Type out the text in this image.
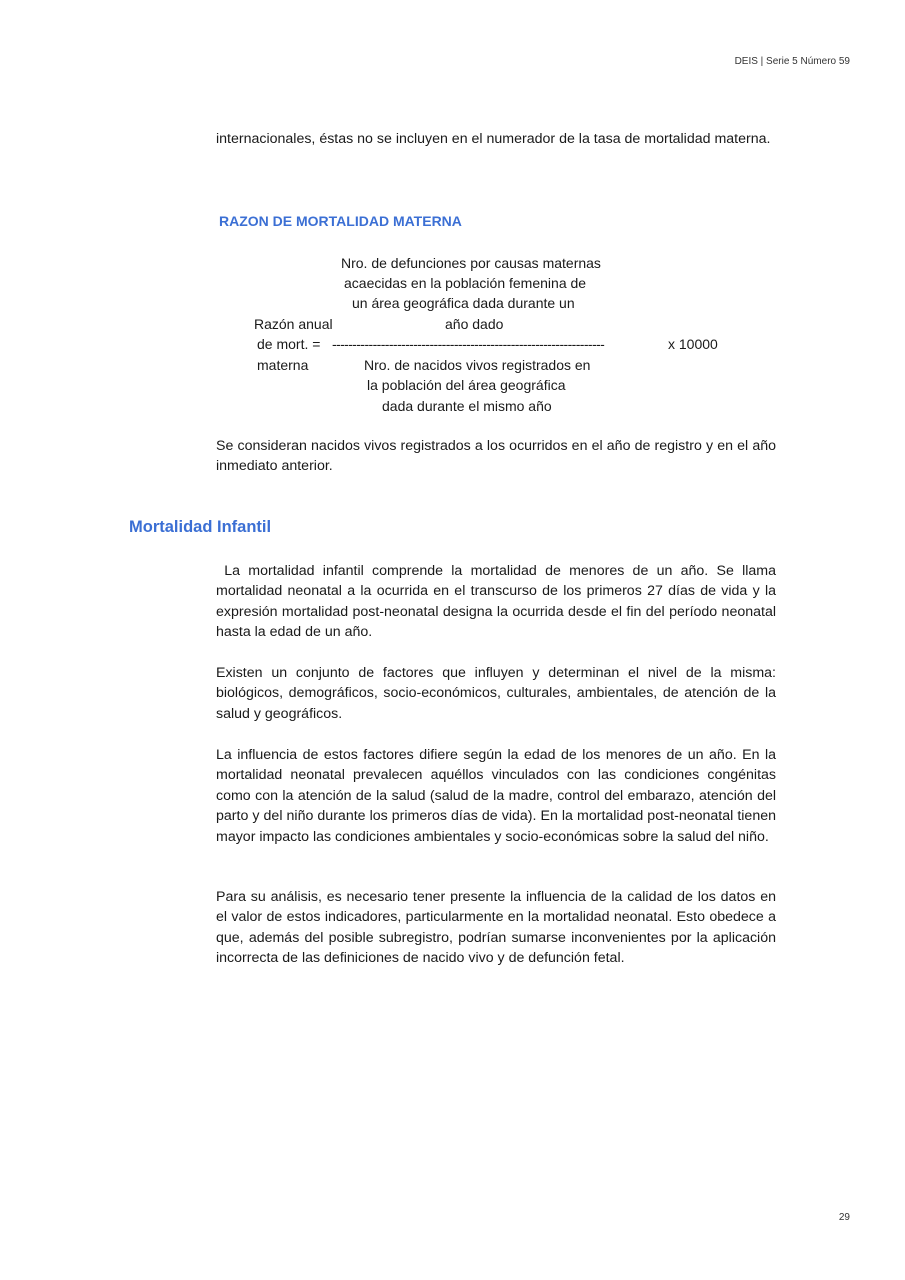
DEIS | Serie 5 Número 59

internacionales, éstas no se incluyen en el numerador de la tasa de mortalidad materna.

RAZON DE MORTALIDAD MATERNA
Nro. de defunciones por causas maternas
acaecidas en la población femenina de
un área geográfica dada durante un
Razón anual	año dado
de mort. = -------------------------------------------------------------------	x 10000
materna	Nro. de nacidos vivos registrados en
la población del área geográfica
dada durante el mismo año

Se consideran nacidos vivos registrados a los ocurridos en el año de registro y en el año inmediato anterior.

Mortalidad Infantil

La mortalidad infantil comprende la mortalidad de menores de un año. Se llama mortalidad neonatal a la ocurrida en el transcurso de los primeros 27 días de vida y la expresión mortalidad post-neonatal designa la ocurrida desde el fin del período neonatal hasta la edad de un año.

Existen un conjunto de factores que influyen y determinan el nivel de la misma: biológicos, demográficos, socio-económicos, culturales, ambientales, de atención de la salud y geográficos.

La influencia de estos factores difiere según la edad de los menores de un año. En la mortalidad neonatal prevalecen aquéllos vinculados con las condiciones congénitas como con la atención de la salud (salud de la madre, control del embarazo, atención del parto y del niño durante los primeros días de vida). En la mortalidad post-neonatal tienen mayor impacto las condiciones ambientales y socio-económicas sobre la salud del niño.

Para su análisis, es necesario tener presente la influencia de la calidad de los datos en el valor de estos indicadores, particularmente en la mortalidad neonatal. Esto obedece a que, además del posible subregistro, podrían sumarse inconvenientes por la aplicación incorrecta de las definiciones de nacido vivo y de defunción fetal.

29
